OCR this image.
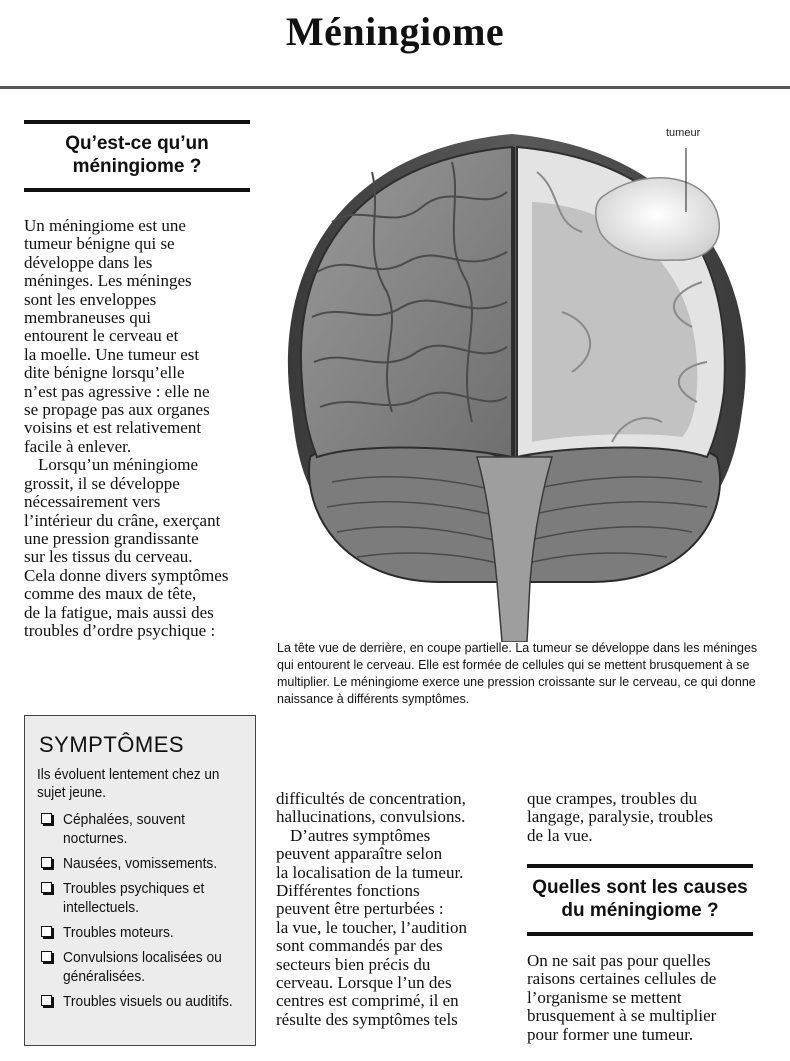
Méningiome
Qu’est-ce qu’un
méningiome ?

Un méningiome est une
tumeur bénigne qui se
développe dans les
méninges. Les méninges
sont les enveloppes
membraneuses qui
entourent le cerveau et
la moelle. Une tumeur est
dite bénigne lorsqu’elle
n’est pas agressive : elle ne
se propage pas aux organes
voisins et est relativement
facile à enlever.

Lorsqu’un méningiome
grossit, il se développe
nécessairement vers
l’intérieur du crâne, exerçant
une pression grandissante
sur les tissus du cerveau.
Cela donne divers symptômes
comme des maux de tête,
de la fatigue, mais aussi des
troubles d’ordre psychique :

tumeur
La tête vue de derrière, en coupe partielle. La tumeur se développe dans les méninges qui entourent le cerveau. Elle est formée de cellules qui se mettent brusquement à se multiplier. Le méningiome exerce une pression croissante sur le cerveau, ce qui donne naissance à différents symptômes.
SYMPTÔMES
Ils évoluent lentement chez un sujet jeune.
Céphalées, souvent nocturnes.
Nausées, vomissements.
Troubles psychiques et intellectuels.
Troubles moteurs.
Convulsions localisées ou généralisées.
Troubles visuels ou auditifs.

difficultés de concentration,
hallucinations, convulsions.
D’autres symptômes
peuvent apparaître selon
la localisation de la tumeur.
Différentes fonctions
peuvent être perturbées :
la vue, le toucher, l’audition
sont commandés par des
secteurs bien précis du
cerveau. Lorsque l’un des
centres est comprimé, il en
résulte des symptômes tels

que crampes, troubles du
langage, paralysie, troubles
de la vue.

Quelles sont les causes
du méningiome ?

On ne sait pas pour quelles
raisons certaines cellules de
l’organisme se mettent
brusquement à se multiplier
pour former une tumeur.
